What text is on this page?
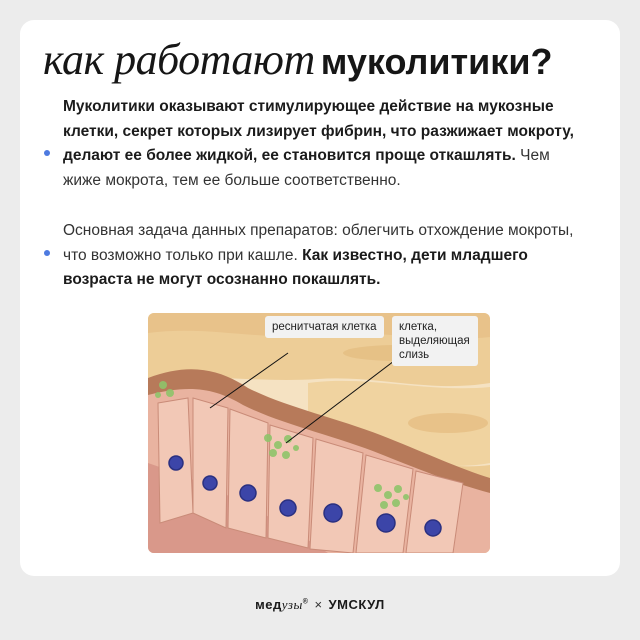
как работают муколитики?
Муколитики оказывают стимулирующее действие на мукозные клетки, секрет которых лизирует фибрин, что разжижает мокроту, делают ее более жидкой, ее становится проще откашлять. Чем жиже мокрота, тем ее больше соответственно.
Основная задача данных препаратов: облегчить отхождение мокроты, что возможно только при кашле. Как известно, дети младшего возраста не могут осознанно покашлять.
реснитчатая клетка	клетка, выделяющая слизь
медузы® × УМСКУЛ
